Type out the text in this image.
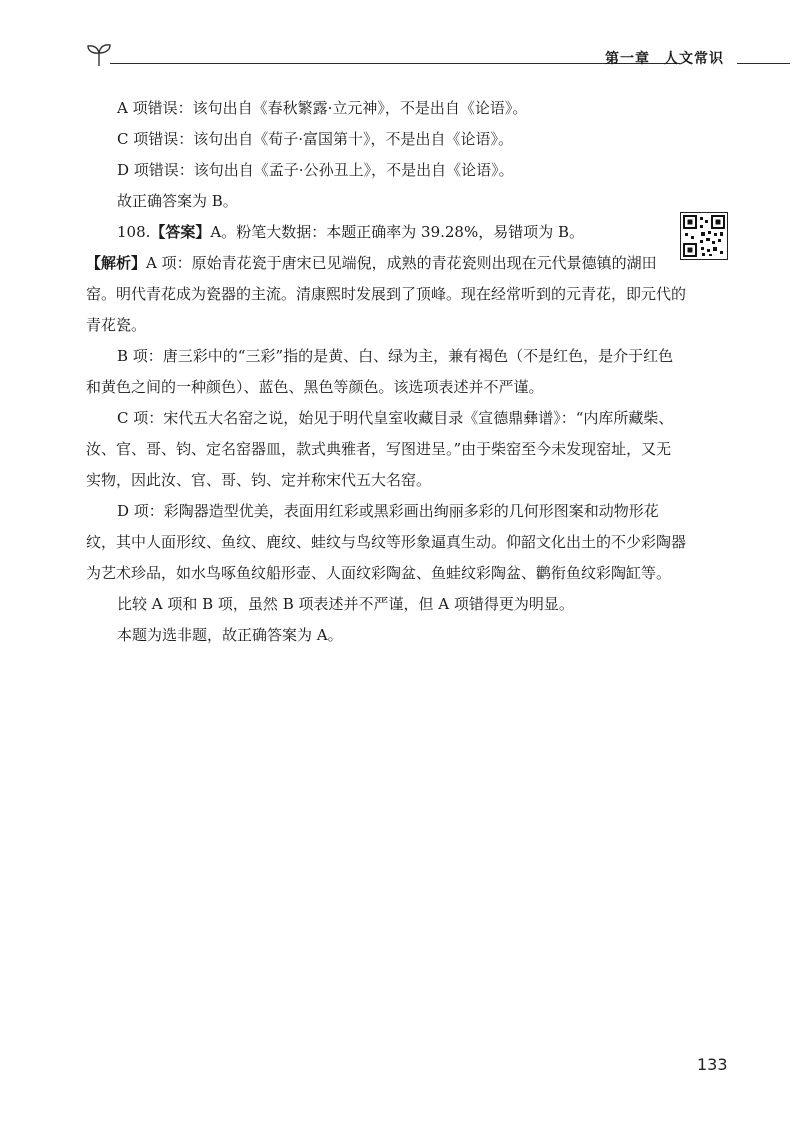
第一章 人文常识

A 项错误：该句出自《春秋繁露·立元神》，不是出自《论语》。

C 项错误：该句出自《荀子·富国第十》，不是出自《论语》。

D 项错误：该句出自《孟子·公孙丑上》，不是出自《论语》。

故正确答案为 B。

108.【答案】A。粉笔大数据：本题正确率为 39.28%，易错项为 B。

【解析】A 项：原始青花瓷于唐宋已见端倪，成熟的青花瓷则出现在元代景德镇的湖田窑。明代青花成为瓷器的主流。清康熙时发展到了顶峰。现在经常听到的元青花，即元代的青花瓷。

B 项：唐三彩中的“三彩”指的是黄、白、绿为主，兼有褐色（不是红色，是介于红色和黄色之间的一种颜色）、蓝色、黑色等颜色。该选项表述并不严谨。

C 项：宋代五大名窑之说，始见于明代皇室收藏目录《宣德鼎彝谱》：“内库所藏柴、汝、官、哥、钧、定名窑器皿，款式典雅者，写图进呈。”由于柴窑至今未发现窑址，又无实物，因此汝、官、哥、钧、定并称宋代五大名窑。

D 项：彩陶器造型优美，表面用红彩或黑彩画出绚丽多彩的几何形图案和动物形花纹，其中人面形纹、鱼纹、鹿纹、蛙纹与鸟纹等形象逼真生动。仰韶文化出土的不少彩陶器为艺术珍品，如水鸟啄鱼纹船形壶、人面纹彩陶盆、鱼蛙纹彩陶盆、鹳衔鱼纹彩陶缸等。

比较 A 项和 B 项，虽然 B 项表述并不严谨，但 A 项错得更为明显。

本题为选非题，故正确答案为 A。

133
